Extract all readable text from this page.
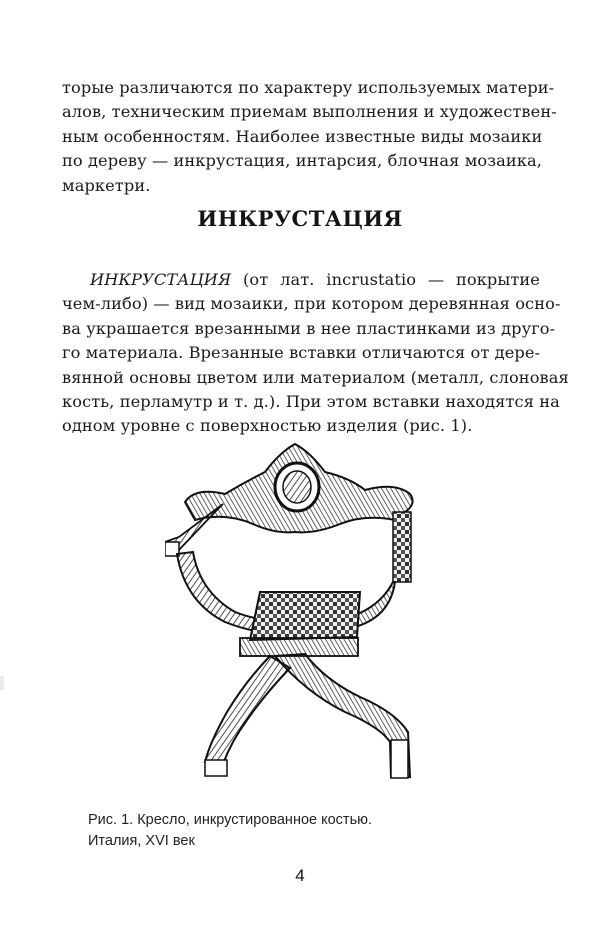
торые различаются по характеру используемых матери-
алов, техническим приемам выполнения и художествен-
ным особенностям. Наиболее известные виды мозаики
по дереву — инкрустация, интарсия, блочная мозаика,
маркетри.

ИНКРУСТАЦИЯ

ИНКРУСТАЦИЯ (от лат. incrustatio — покрытие
чем-либо) — вид мозаики, при котором деревянная осно-
ва украшается врезанными в нее пластинками из друго-
го материала. Врезанные вставки отличаются от дере-
вянной основы цветом или материалом (металл, слоновая
кость, перламутр и т. д.). При этом вставки находятся на
одном уровне с поверхностью изделия (рис. 1).

Рис. 1. Кресло, инкрустированное костью.
Италия, XVI век
4
